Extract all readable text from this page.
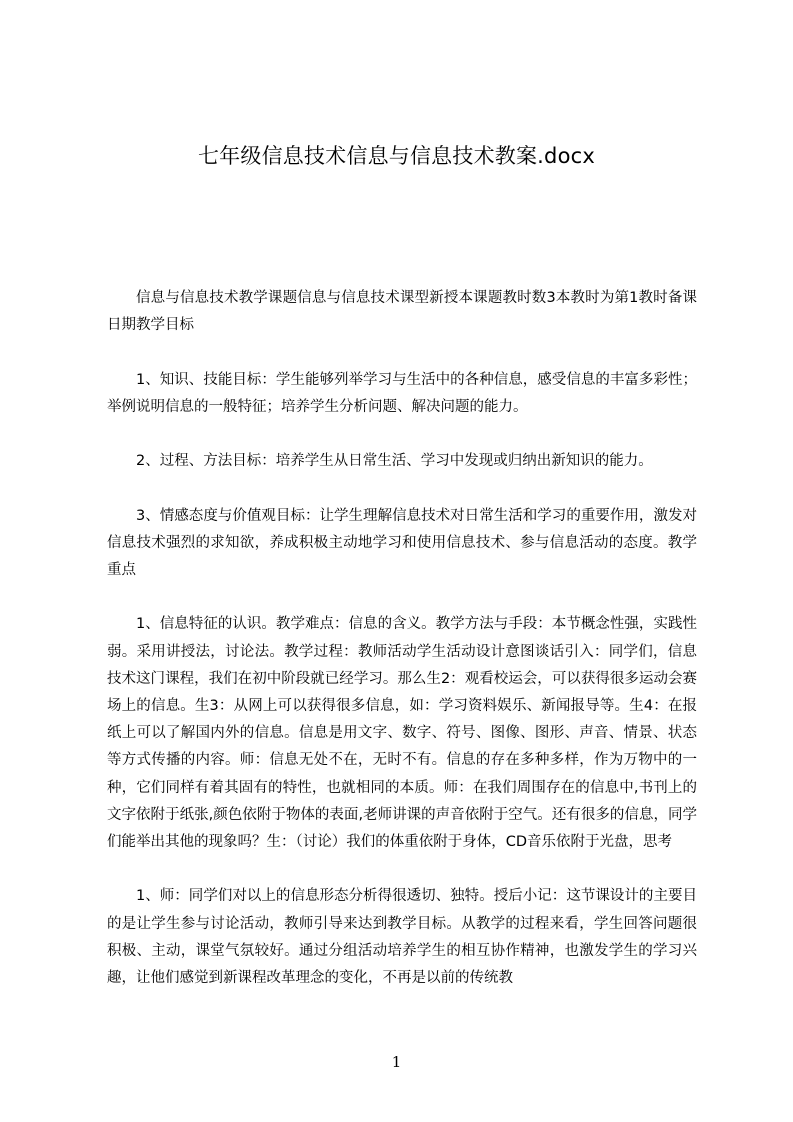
七年级信息技术信息与信息技术教案.docx

信息与信息技术教学课题信息与信息技术课型新授本课题教时数3本教时为第1教时备课日期教学目标

1、知识、技能目标：学生能够列举学习与生活中的各种信息，感受信息的丰富多彩性；举例说明信息的一般特征；培养学生分析问题、解决问题的能力。

2、过程、方法目标：培养学生从日常生活、学习中发现或归纳出新知识的能力。

3、情感态度与价值观目标：让学生理解信息技术对日常生活和学习的重要作用，激发对信息技术强烈的求知欲，养成积极主动地学习和使用信息技术、参与信息活动的态度。教学重点

1、信息特征的认识。教学难点：信息的含义。教学方法与手段：本节概念性强，实践性弱。采用讲授法，讨论法。教学过程：教师活动学生活动设计意图谈话引入：同学们，信息技术这门课程，我们在初中阶段就已经学习。那么生2：观看校运会，可以获得很多运动会赛场上的信息。生3：从网上可以获得很多信息，如：学习资料娱乐、新闻报导等。生4：在报纸上可以了解国内外的信息。信息是用文字、数字、符号、图像、图形、声音、情景、状态等方式传播的内容。师：信息无处不在，无时不有。信息的存在多种多样，作为万物中的一种，它们同样有着其固有的特性，也就相同的本质。师：在我们周围存在的信息中,书刊上的文字依附于纸张,颜色依附于物体的表面,老师讲课的声音依附于空气。还有很多的信息，同学们能举出其他的现象吗？生：（讨论）我们的体重依附于身体，CD音乐依附于光盘，思考

1、师：同学们对以上的信息形态分析得很透切、独特。授后小记：这节课设计的主要目的是让学生参与讨论活动，教师引导来达到教学目标。从教学的过程来看，学生回答问题很积极、主动，课堂气氛较好。通过分组活动培养学生的相互协作精神，也激发学生的学习兴趣，让他们感觉到新课程改革理念的变化，不再是以前的传统教

1
